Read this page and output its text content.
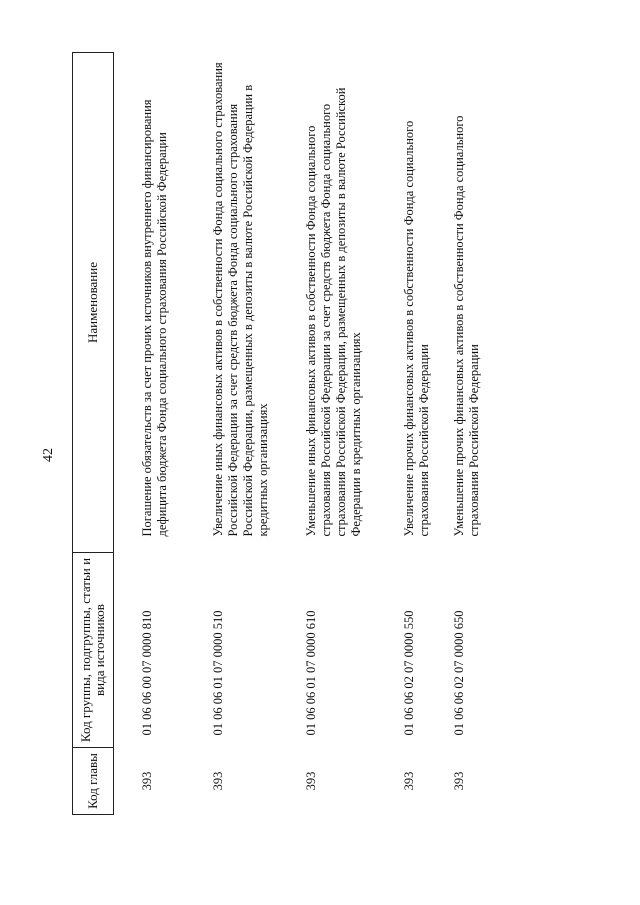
42
Код главы	Код группы, подгруппы, статьи и вида источников	Наименование
393	01 06 06 00 07 0000 810	Погашение обязательств за счет прочих источников внутреннего финансирования дефицита бюджета Фонда социального страхования Российской Федерации
393	01 06 06 01 07 0000 510	Увеличение иных финансовых активов в собственности Фонда социального страхования Российской Федерации за счет средств бюджета Фонда социального страхования Российской Федерации, размещенных в депозиты в валюте Российской Федерации в кредитных организациях
393	01 06 06 01 07 0000 610	Уменьшение иных финансовых активов в собственности Фонда социального страхования Российской Федерации за счет средств бюджета Фонда социального страхования Российской Федерации, размещенных в депозиты в валюте Российской Федерации в кредитных организациях
393	01 06 06 02 07 0000 550	Увеличение прочих финансовых активов в собственности Фонда социального страхования Российской Федерации
393	01 06 06 02 07 0000 650	Уменьшение прочих финансовых активов в собственности Фонда социального страхования Российской Федерации
